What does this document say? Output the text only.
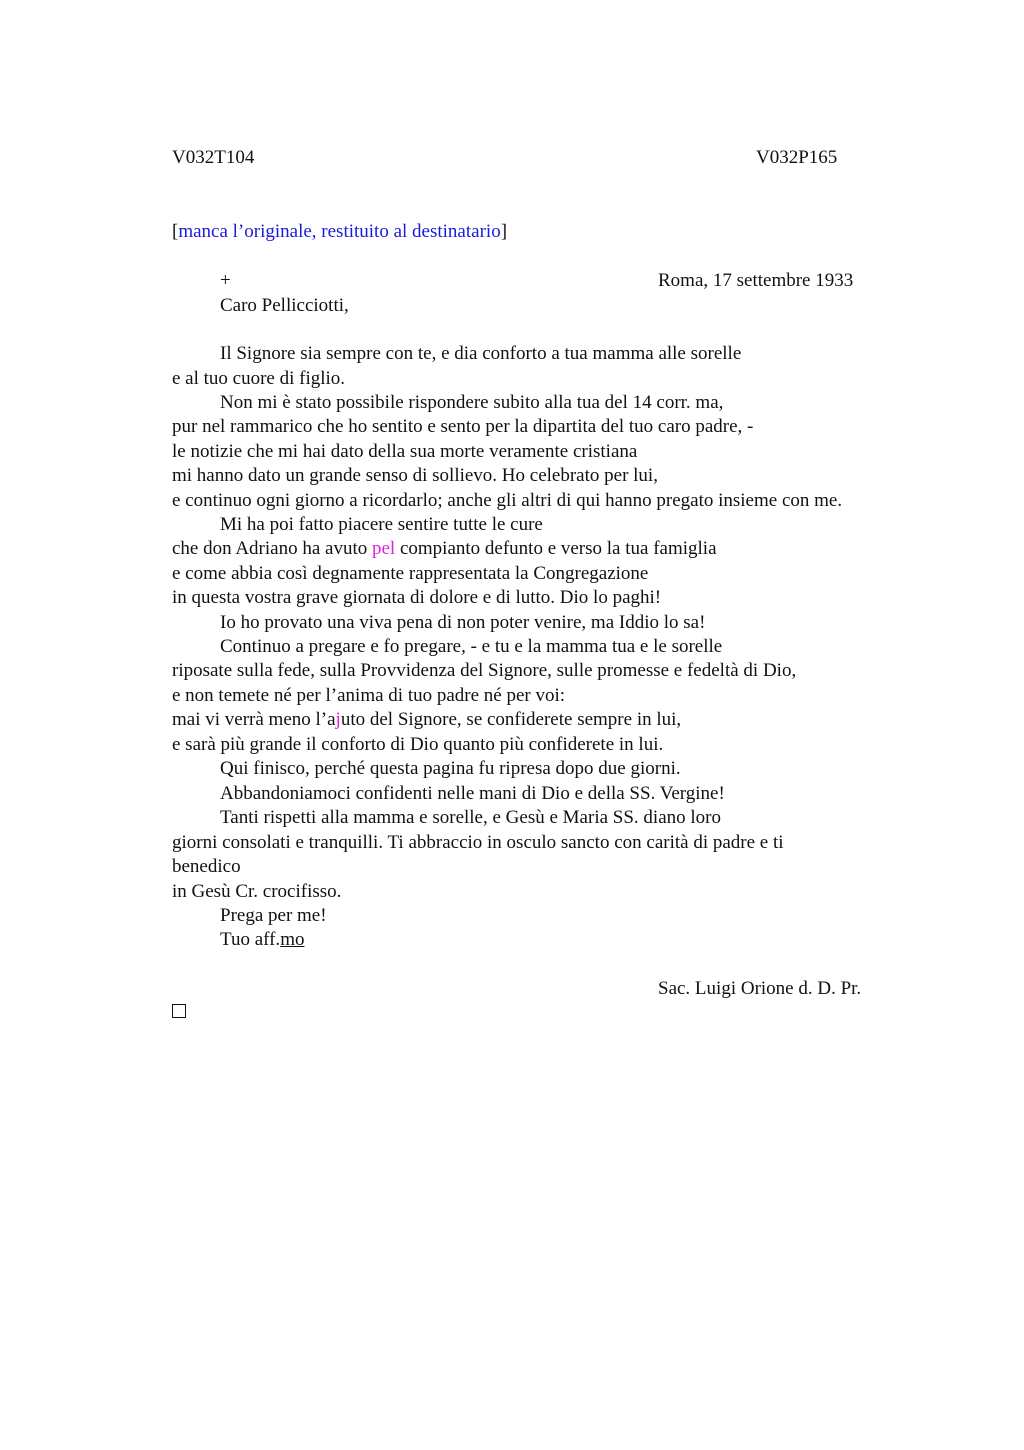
V032T104	V032P165
[manca l’originale, restituito al destinatario]
+	Roma, 17 settembre 1933
Caro Pellicciotti,
Il Signore sia sempre con te, e dia conforto a tua mamma alle sorelle
e al tuo cuore di figlio.
Non mi è stato possibile rispondere subito alla tua del 14 corr. ma,
pur nel rammarico che ho sentito e sento per la dipartita del tuo caro padre, -
le notizie che mi hai dato della sua morte veramente cristiana
mi hanno dato un grande senso di sollievo. Ho celebrato per lui,
e continuo ogni giorno a ricordarlo; anche gli altri di qui hanno pregato insieme con me.
Mi ha poi fatto piacere sentire tutte le cure
che don Adriano ha avuto pel compianto defunto e verso la tua famiglia
e come abbia così degnamente rappresentata la Congregazione
in questa vostra grave giornata di dolore e di lutto. Dio lo paghi!
Io ho provato una viva pena di non poter venire, ma Iddio lo sa!
Continuo a pregare e fo pregare, - e tu e la mamma tua e le sorelle
riposate sulla fede, sulla Provvidenza del Signore, sulle promesse e fedeltà di Dio,
e non temete né per l’anima di tuo padre né per voi:
mai vi verrà meno l’ajuto del Signore, se confiderete sempre in lui,
e sarà più grande il conforto di Dio quanto più confiderete in lui.
Qui finisco, perché questa pagina fu ripresa dopo due giorni.
Abbandoniamoci confidenti nelle mani di Dio e della SS. Vergine!
Tanti rispetti alla mamma e sorelle, e Gesù e Maria SS. diano loro
giorni consolati e tranquilli. Ti abbraccio in osculo sancto con carità di padre e ti
benedico
in Gesù Cr. crocifisso.
Prega per me!
Tuo aff.mo
Sac. Luigi Orione d. D. Pr.
